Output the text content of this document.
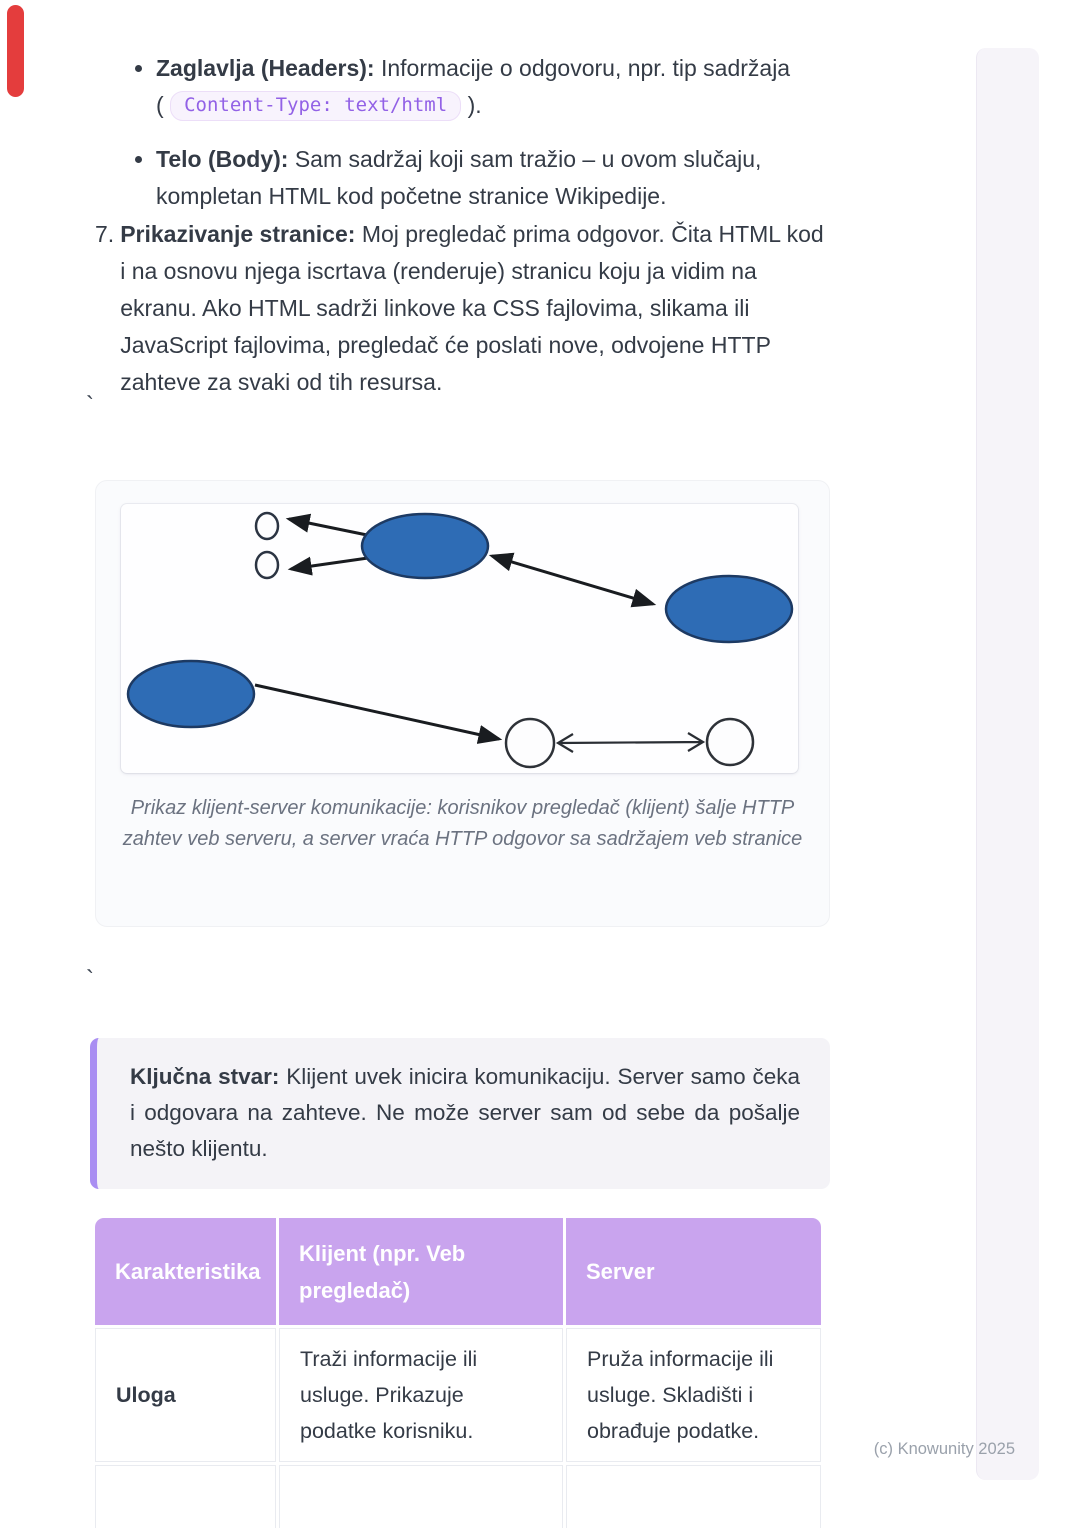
• Zaglavlja (Headers): Informacije o odgovoru, npr. tip sadržaja
( Content-Type: text/html ).
• Telo (Body): Sam sadržaj koji sam tražio – u ovom slučaju, kompletan HTML kod početne stranice Wikipedije.
7. Prikazivanje stranice: Moj pregledač prima odgovor. Čita HTML kod i na osnovu njega iscrtava (renderuje) stranicu koju ja vidim na ekranu. Ako HTML sadrži linkove ka CSS fajlovima, slikama ili JavaScript fajlovima, pregledač će poslati nove, odvojene HTTP zahteve za svaki od tih resursa.
`
Prikaz klijent-server komunikacije: korisnikov pregledač (klijent) šalje HTTP zahtev veb serveru, a server vraća HTTP odgovor sa sadržajem veb stranice
`
Ključna stvar: Klijent uvek inicira komunikaciju. Server samo čeka i odgovara na zahteve. Ne može server sam od sebe da pošalje nešto klijentu.
Karakteristika	Klijent (npr. Veb pregledač)	Server
Uloga	Traži informacije ili usluge. Prikazuje podatke korisniku.	Pruža informacije ili usluge. Skladišti i obrađuje podatke.

(c) Knowunity 2025
